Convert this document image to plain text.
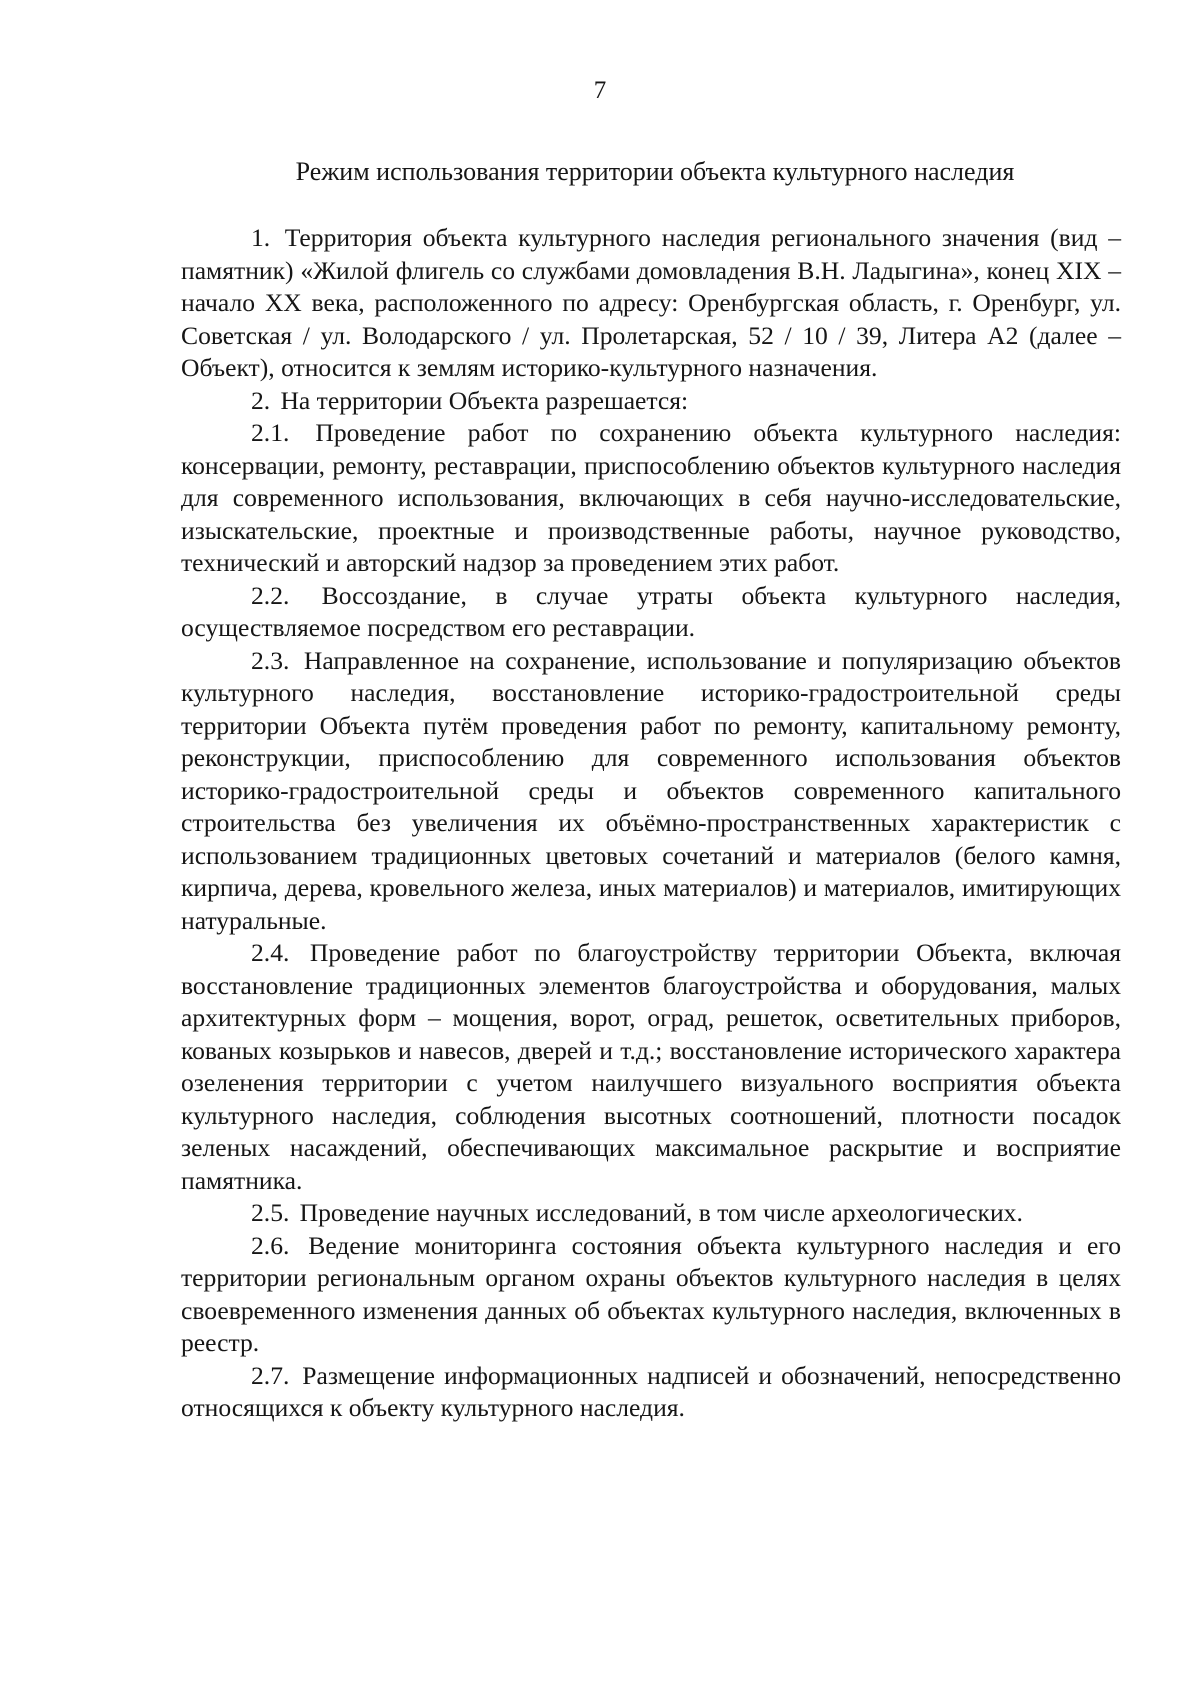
7
Режим использования территории объекта культурного наследия

1. Территория объекта культурного наследия регионального значения (вид – памятник) «Жилой флигель со службами домовладения В.Н. Ладыгина», конец XIX – начало XX века, расположенного по адресу: Оренбургская область, г. Оренбург, ул. Советская / ул. Володарского / ул. Пролетарская, 52 / 10 / 39, Литера А2 (далее – Объект), относится к землям историко-культурного назначения.

2. На территории Объекта разрешается:

2.1. Проведение работ по сохранению объекта культурного наследия: консервации, ремонту, реставрации, приспособлению объектов культурного наследия для современного использования, включающих в себя научно-исследовательские, изыскательские, проектные и производственные работы, научное руководство, технический и авторский надзор за проведением этих работ.

2.2. Воссоздание, в случае утраты объекта культурного наследия, осуществляемое посредством его реставрации.

2.3. Направленное на сохранение, использование и популяризацию объектов культурного наследия, восстановление историко-градостроительной среды территории Объекта путём проведения работ по ремонту, капитальному ремонту, реконструкции, приспособлению для современного использования объектов историко-градостроительной среды и объектов современного капитального строительства без увеличения их объёмно-пространственных характеристик с использованием традиционных цветовых сочетаний и материалов (белого камня, кирпича, дерева, кровельного железа, иных материалов) и материалов, имитирующих натуральные.

2.4. Проведение работ по благоустройству территории Объекта, включая восстановление традиционных элементов благоустройства и оборудования, малых архитектурных форм – мощения, ворот, оград, решеток, осветительных приборов, кованых козырьков и навесов, дверей и т.д.; восстановление исторического характера озеленения территории с учетом наилучшего визуального восприятия объекта культурного наследия, соблюдения высотных соотношений, плотности посадок зеленых насаждений, обеспечивающих максимальное раскрытие и восприятие памятника.

2.5. Проведение научных исследований, в том числе археологических.

2.6. Ведение мониторинга состояния объекта культурного наследия и его территории региональным органом охраны объектов культурного наследия в целях своевременного изменения данных об объектах культурного наследия, включенных в реестр.

2.7. Размещение информационных надписей и обозначений, непосредственно относящихся к объекту культурного наследия.
